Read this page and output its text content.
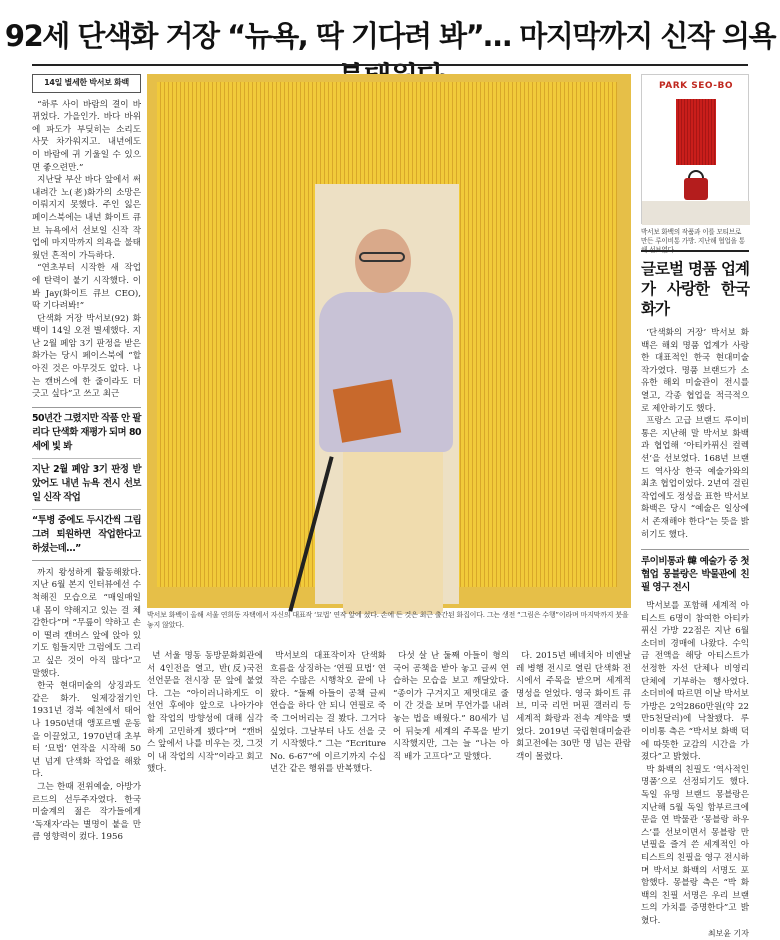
92세 단색화 거장 “뉴욕, 딱 기다려 봐”… 마지막까지 신작 의욕
14일 별세한 박서보 화백

“하루 사이 바람의 결이 바뀌었다. 가을인가. 바다 바위에 파도가 부딪히는 소리도 사뭇 차가워지고. 내년에도 이 바람에 귀 기울일 수 있으면 좋으련만.”

지난달 부산 바다 앞에서 써내려간 노(老)화가의 소망은 이뤄지지 못했다. 주인 잃은 페이스북에는 내년 화이트 큐브 뉴욕에서 선보일 신작 작업에 마지막까지 의욕을 불태웠던 흔적이 가득하다.

“연초부터 시작한 새 작업에 탄력이 붙기 시작했다. 이봐 Jay(화이트 큐브 CEO), 딱 기다려봐!”

단색화 거장 박서보(92) 화백이 14일 오전 별세했다. 지난 2월 페암 3기 판정을 받은 화가는 당시 페이스북에 “할아진 것은 아무것도 없다. 나는 캔버스에 한 줄이라도 더 긋고 싶다”고 쓰고 최근

50년간 그렸지만 작품 안 팔리다 단색화 재평가 되며 80세에 빛 봐
지난 2월 폐암 3기 판정 받았어도 내년 뉴욕 전시 선보일 신작 작업
“투병 중에도 두시간씩 그림 그려 퇴원하면 작업한다고 하셨는데…”

까지 왕성하게 활동해왔다. 지난 6월 본지 인터뷰에선 수척해진 모습으로 “매일매일 내 몸이 약해지고 있는 걸 체감한다”며 “무릎이 약하고 손이 떨려 캔버스 앞에 앉아 있기도 힘들지만 그럼에도 그리고 싶은 것이 아직 많다”고 말했다.

한국 현대미술의 상징과도 같은 화가. 일제강점기인 1931년 경북 예천에서 태어나 1950년대 앵포르멜 운동을 이끌었고, 1970년대 초부터 ‘묘법’ 연작을 시작해 50년 넘게 단색화 작업을 해왔다.

그는 한때 전위예술, 아방가르드의 선두주자였다. 한국 미술계의 젊은 작가들에게 ‘독재자’라는 별명이 붙을 만큼 영향력이 컸다. 1956

박서보 화백이 올해 서울 연희동 자택에서 자신의 대표작 ‘묘법’ 연작 앞에 섰다. 손에 든 것은 최근 출간된 화집이다. 그는 생전 “그림은 수행”이라며 마지막까지 붓을 놓지 않았다.
년 서울 명동 동방문화회관에서 4인전을 열고, 반(反)국전 선언문을 전시장 문 앞에 붙였다. 그는 “아이러니하게도 이 선언 후에야 앞으로 나아가야 할 작업의 방향성에 대해 심각하게 고민하게 됐다”며 “캔버스 앞에서 나를 비우는 것, 그것이 내 작업의 시작”이라고 회고했다.
박서보의 대표작이자 단색화 흐름을 상징하는 ‘연필 묘법’ 연작은 수많은 시행착오 끝에 나왔다. “둘째 아들이 공책 글씨 연습을 하다 안 되니 연필로 죽죽 그어버리는 걸 봤다. 그거다 싶었다. 그날부터 나도 선을 긋기 시작했다.” 그는 “Ecriture No. 6-67”에 이르기까지 수십 년간 같은 행위를 반복했다.
다섯 살 난 둘째 아들이 형의 국어 공책을 받아 놓고 글씨 연습하는 모습을 보고 깨달았다. “종이가 구겨지고 제멋대로 줄이 간 것을 보며 무언가를 내려놓는 법을 배웠다.” 80세가 넘어 뒤늦게 세계의 주목을 받기 시작했지만, 그는 늘 “나는 아직 배가 고프다”고 말했다.
다. 2015년 베네치아 비엔날레 병행 전시로 열린 단색화 전시에서 주목을 받으며 세계적 명성을 얻었다. 영국 화이트 큐브, 미국 리먼 머핀 갤러리 등 세계적 화랑과 전속 계약을 맺었다. 2019년 국립현대미술관 회고전에는 30만 명 넘는 관람객이 몰렸다.
PARK SEO-BO
박서보 화백의 작품과 이를 모티브로 만든 루이비통 가방. 지난해 협업을 통해 선보였다.
글로벌 명품 업계가 사랑한 한국 화가

‘단색화의 거장’ 박서보 화백은 해외 명품 업계가 사랑한 대표적인 한국 현대미술 작가였다. 명품 브랜드가 소유한 해외 미술관이 전시를 열고, 각종 협업을 적극적으로 제안하기도 했다.

프랑스 고급 브랜드 루이비통은 지난해 말 박서보 화백과 협업해 ‘아티카퓌신 컬렉션’을 선보였다. 168년 브랜드 역사상 한국 예술가와의 최초 협업이었다. 2년여 걸린 작업에도 정성을 표한 박서보 화백은 당시 “예술은 일상에서 존재해야 한다”는 뜻을 밝히기도 했다.

루이비통과 韓 예술가 중 첫 협업 몽블랑은 박물관에 친필 영구 전시

박서보를 포함해 세계적 아티스트 6명이 참여한 아티카퓌신 가방 22점은 지난 6월 소더비 경매에 나왔다. 수익금 전액을 해당 아티스트가 선정한 자선 단체나 비영리 단체에 기부하는 행사였다. 소더비에 따르면 이날 박서보 가방은 2억2860만원(약 22만5천달러)에 낙찰됐다. 루이비통 측은 “박서보 화백 덕에 따뜻한 교감의 시간을 가졌다”고 밝혔다.

박 화백의 친필도 ‘역사적인 명품’으로 선정되기도 했다. 독일 유명 브랜드 몽블랑은 지난해 5월 독일 함부르크에 문을 연 박물관 ‘몽블랑 하우스’를 선보이면서 몽블랑 만년필을 즐겨 쓴 세계적인 아티스트의 친필을 영구 전시하며 박서보 화백의 서명도 포함했다. 몽블랑 측은 “박 화백의 친필 서명은 우리 브랜드의 가치를 증명한다”고 밝혔다.

최보윤 기자
